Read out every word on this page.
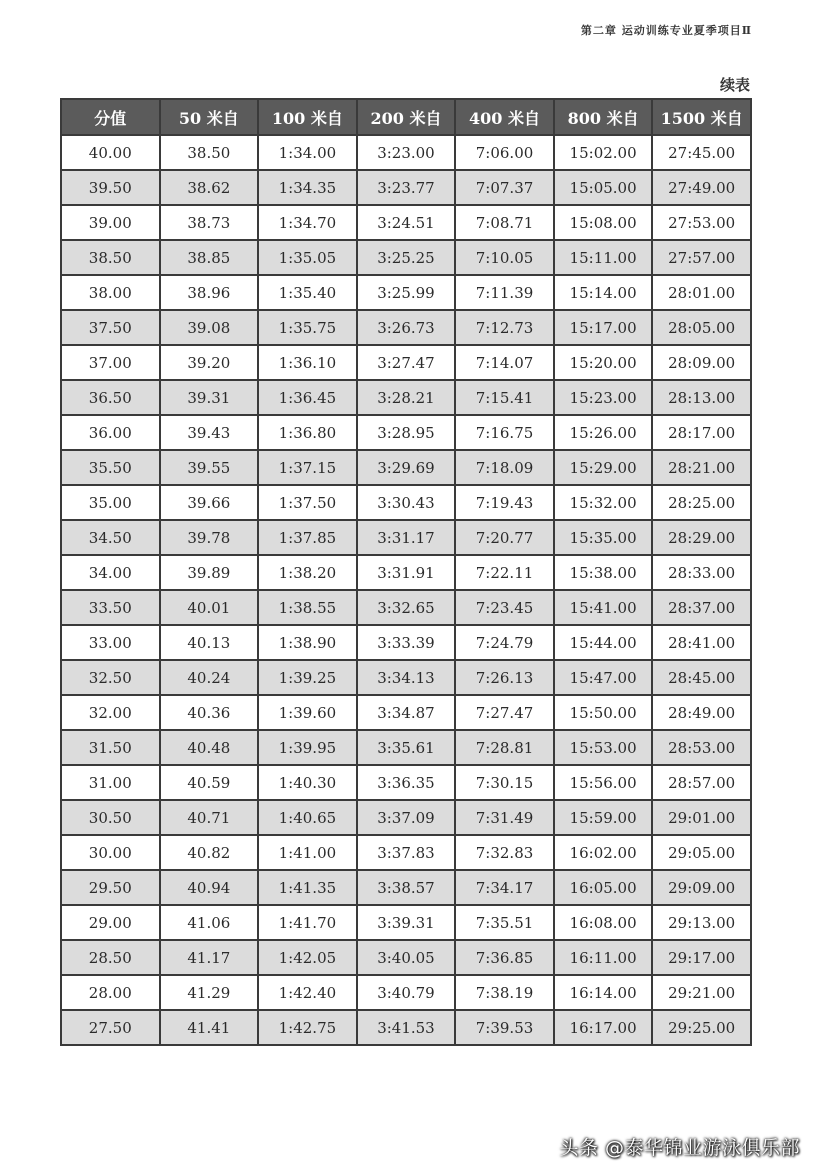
第二章 运动训练专业夏季项目Ⅱ
续表
分值	50 米自	100 米自	200 米自	400 米自	800 米自	1500 米自
40.00	38.50	1:34.00	3:23.00	7:06.00	15:02.00	27:45.00
39.50	38.62	1:34.35	3:23.77	7:07.37	15:05.00	27:49.00
39.00	38.73	1:34.70	3:24.51	7:08.71	15:08.00	27:53.00
38.50	38.85	1:35.05	3:25.25	7:10.05	15:11.00	27:57.00
38.00	38.96	1:35.40	3:25.99	7:11.39	15:14.00	28:01.00
37.50	39.08	1:35.75	3:26.73	7:12.73	15:17.00	28:05.00
37.00	39.20	1:36.10	3:27.47	7:14.07	15:20.00	28:09.00
36.50	39.31	1:36.45	3:28.21	7:15.41	15:23.00	28:13.00
36.00	39.43	1:36.80	3:28.95	7:16.75	15:26.00	28:17.00
35.50	39.55	1:37.15	3:29.69	7:18.09	15:29.00	28:21.00
35.00	39.66	1:37.50	3:30.43	7:19.43	15:32.00	28:25.00
34.50	39.78	1:37.85	3:31.17	7:20.77	15:35.00	28:29.00
34.00	39.89	1:38.20	3:31.91	7:22.11	15:38.00	28:33.00
33.50	40.01	1:38.55	3:32.65	7:23.45	15:41.00	28:37.00
33.00	40.13	1:38.90	3:33.39	7:24.79	15:44.00	28:41.00
32.50	40.24	1:39.25	3:34.13	7:26.13	15:47.00	28:45.00
32.00	40.36	1:39.60	3:34.87	7:27.47	15:50.00	28:49.00
31.50	40.48	1:39.95	3:35.61	7:28.81	15:53.00	28:53.00
31.00	40.59	1:40.30	3:36.35	7:30.15	15:56.00	28:57.00
30.50	40.71	1:40.65	3:37.09	7:31.49	15:59.00	29:01.00
30.00	40.82	1:41.00	3:37.83	7:32.83	16:02.00	29:05.00
29.50	40.94	1:41.35	3:38.57	7:34.17	16:05.00	29:09.00
29.00	41.06	1:41.70	3:39.31	7:35.51	16:08.00	29:13.00
28.50	41.17	1:42.05	3:40.05	7:36.85	16:11.00	29:17.00
28.00	41.29	1:42.40	3:40.79	7:38.19	16:14.00	29:21.00
27.50	41.41	1:42.75	3:41.53	7:39.53	16:17.00	29:25.00
头条 @泰华锦业游泳俱乐部
